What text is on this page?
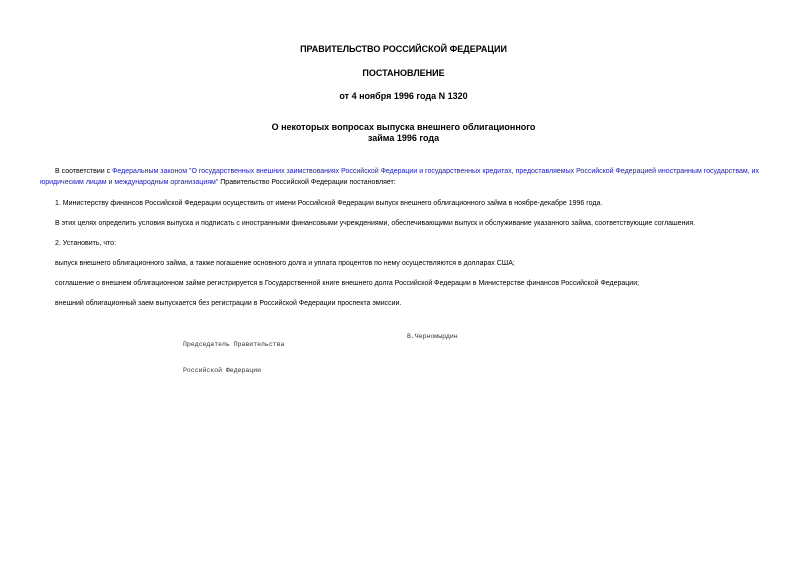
ПРАВИТЕЛЬСТВО РОССИЙСКОЙ ФЕДЕРАЦИИ

ПОСТАНОВЛЕНИЕ

от 4 ноября 1996 года N 1320

О некоторых вопросах выпуска внешнего облигационного
займа 1996 года

В соответствии с Федеральным законом "О государственных внешних заимствованиях Российской Федерации и государственных кредитах, предоставляемых Российской Федерацией иностранным государствам, их юридическим лицам и международным организациям" Правительство Российской Федерации постановляет:

1. Министерству финансов Российской Федерации осуществить от имени Российской Федерации выпуск внешнего облигационного займа в ноябре-декабре 1996 года.

В этих целях определить условия выпуска и подписать с иностранными финансовыми учреждениями, обеспечивающими выпуск и обслуживание указанного займа, соответствующие соглашения.

2. Установить, что:

выпуск внешнего облигационного займа, а также погашение основного долга и уплата процентов по нему осуществляются в долларах США;

соглашение о внешнем облигационном займе регистрируется в Государственной книге внешнего долга Российской Федерации в Министерстве финансов Российской Федерации;

внешний облигационный заем выпускается без регистрации в Российской Федерации проспекта эмиссии.

Председатель Правительства

Российской Федерации

В.Черномырдин
